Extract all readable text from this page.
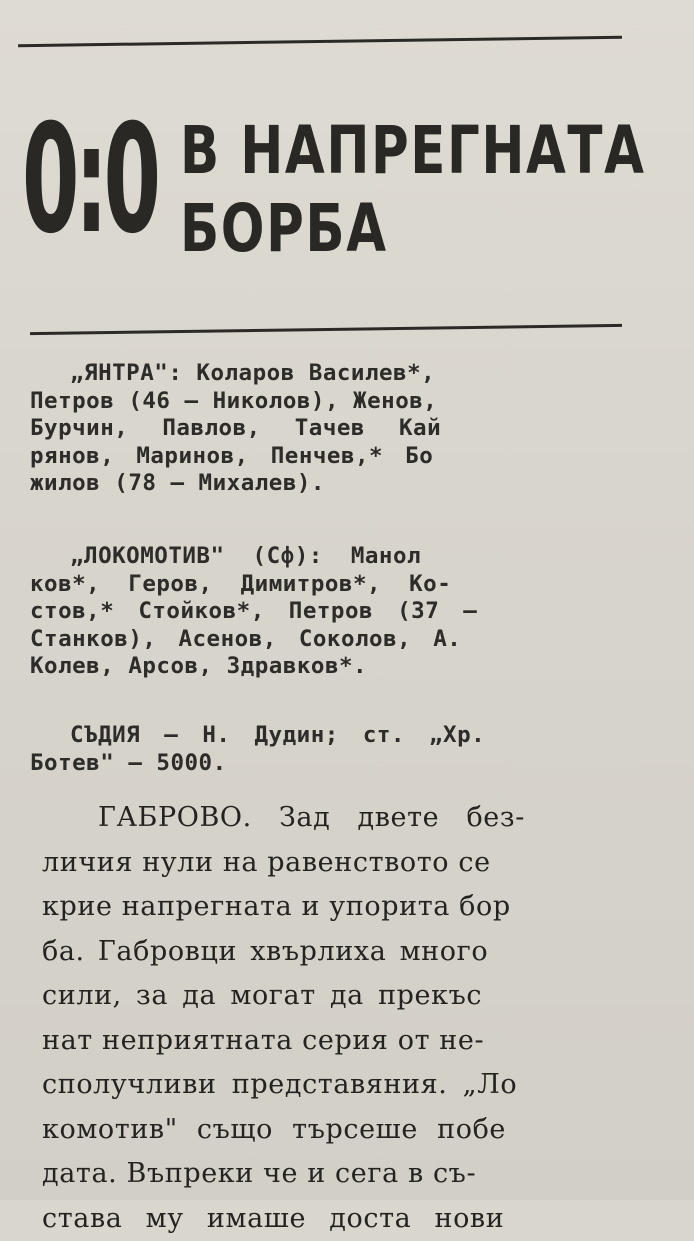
0:0 В НАПРЕГНАТА
БОРБА
„ЯНТРА": Коларов Василев*,
Петров (46 — Николов), Женов,
Бурчин, Павлов, Тачев Кай
рянов, Маринов, Пенчев,* Бо
жилов (78 — Михалев).
„ЛОКОМОТИВ" (Сф): Манол
ков*, Геров, Димитров*, Ко-
стов,* Стойков*, Петров (37 —
Станков), Асенов, Соколов, А.
Колев, Арсов, Здравков*.
СЪДИЯ — Н. Дудин; ст. „Хр.
Ботев" — 5000.
ГАБРОВО. Зад двете без-
личия нули на равенството се
крие напрегната и упорита бор
ба. Габровци хвърлиха много
сили, за да могат да прекъс
нат неприятната серия от не-
сполучливи представяния. „Ло
комотив" също търсеше побе
дата. Въпреки че и сега в съ-
става му имаше доста нови
